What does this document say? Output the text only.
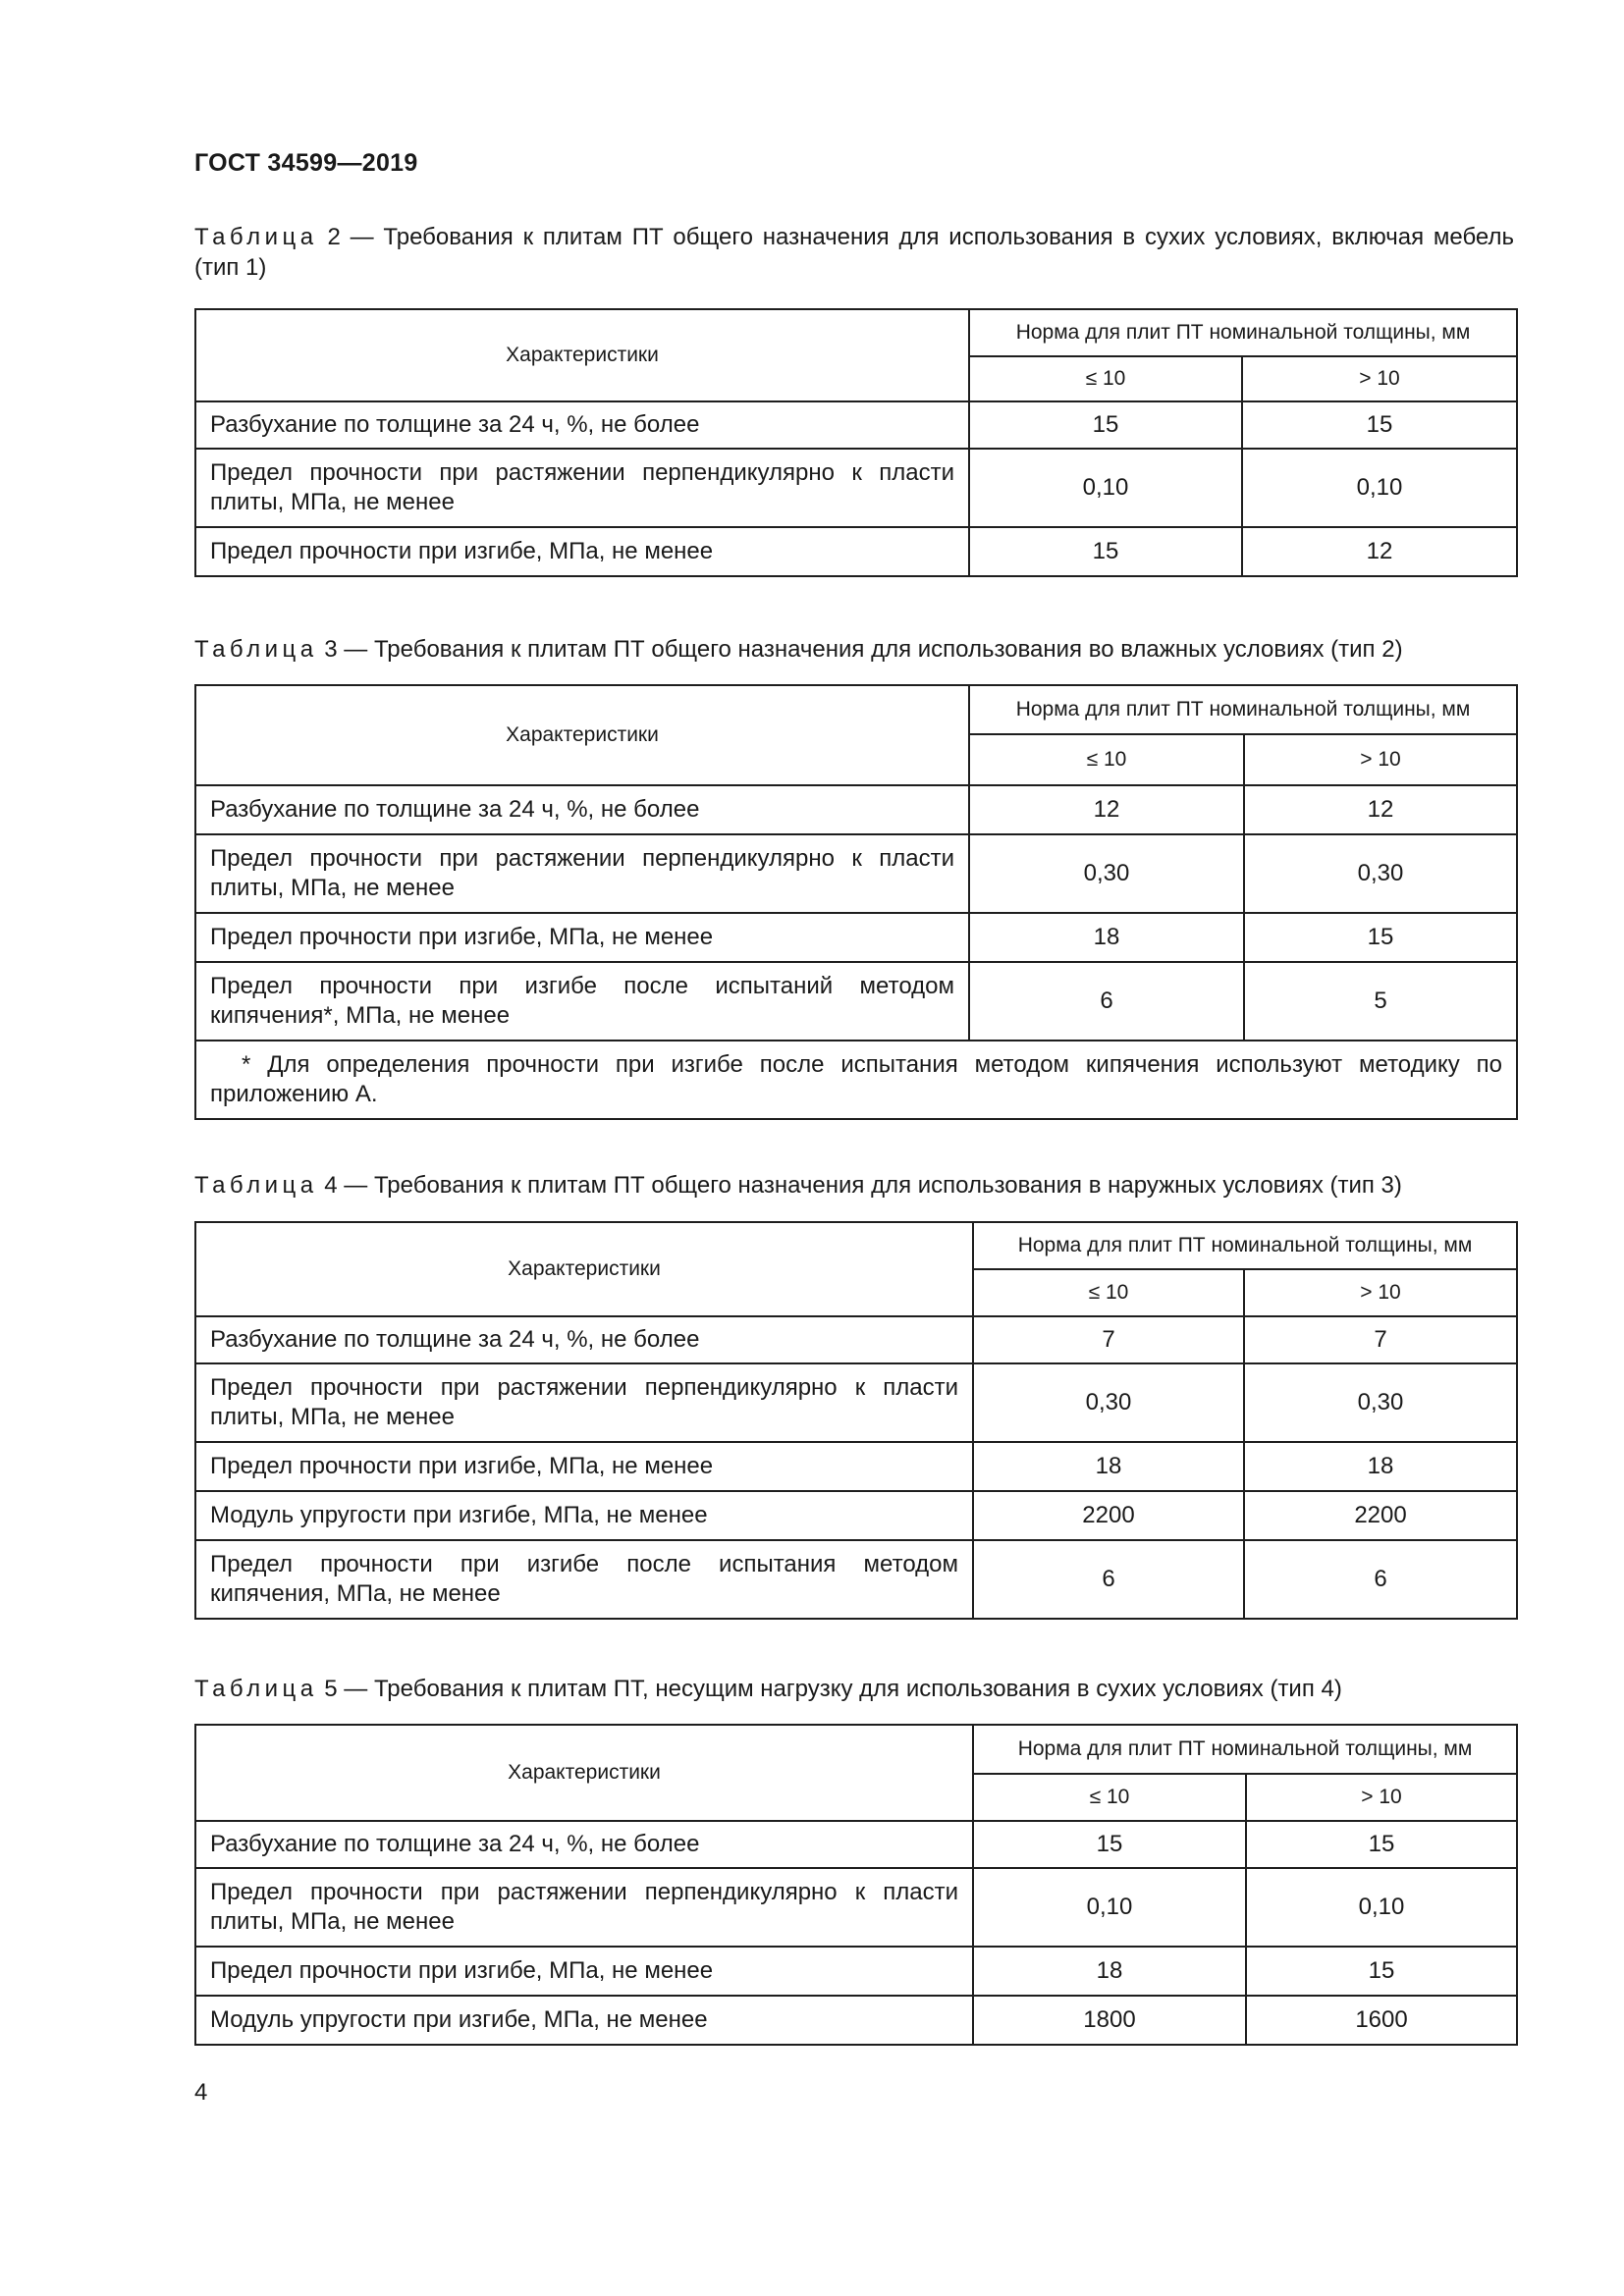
ГОСТ 34599—2019
Таблица 2 — Требования к плитам ПТ общего назначения для использования в сухих условиях, включая мебель (тип 1)
Характеристики	Норма для плит ПТ номинальной толщины, мм	
	≤ 10	> 10
Разбухание по толщине за 24 ч, %, не более	15	15
Предел прочности при растяжении перпендикулярно к пласти плиты, МПа, не менее	0,10	0,10
Предел прочности при изгибе, МПа, не менее	15	12
Таблица 3 — Требования к плитам ПТ общего назначения для использования во влажных условиях (тип 2)
Характеристики	Норма для плит ПТ номинальной толщины, мм	
	≤ 10	> 10
Разбухание по толщине за 24 ч, %, не более	12	12
Предел прочности при растяжении перпендикулярно к пласти плиты, МПа, не менее	0,30	0,30
Предел прочности при изгибе, МПа, не менее	18	15
Предел прочности при изгибе после испытаний методом кипячения*, МПа, не менее	6	5
* Для определения прочности при изгибе после испытания методом кипячения используют методику по приложению А.		
Таблица 4 — Требования к плитам ПТ общего назначения для использования в наружных условиях (тип 3)
Характеристики	Норма для плит ПТ номинальной толщины, мм	
	≤ 10	> 10
Разбухание по толщине за 24 ч, %, не более	7	7
Предел прочности при растяжении перпендикулярно к пласти плиты, МПа, не менее	0,30	0,30
Предел прочности при изгибе, МПа, не менее	18	18
Модуль упругости при изгибе, МПа, не менее	2200	2200
Предел прочности при изгибе после испытания методом кипячения, МПа, не менее	6	6
Таблица 5 — Требования к плитам ПТ, несущим нагрузку для использования в сухих условиях (тип 4)
Характеристики	Норма для плит ПТ номинальной толщины, мм	
	≤ 10	> 10
Разбухание по толщине за 24 ч, %, не более	15	15
Предел прочности при растяжении перпендикулярно к пласти плиты, МПа, не менее	0,10	0,10
Предел прочности при изгибе, МПа, не менее	18	15
Модуль упругости при изгибе, МПа, не менее	1800	1600
4
